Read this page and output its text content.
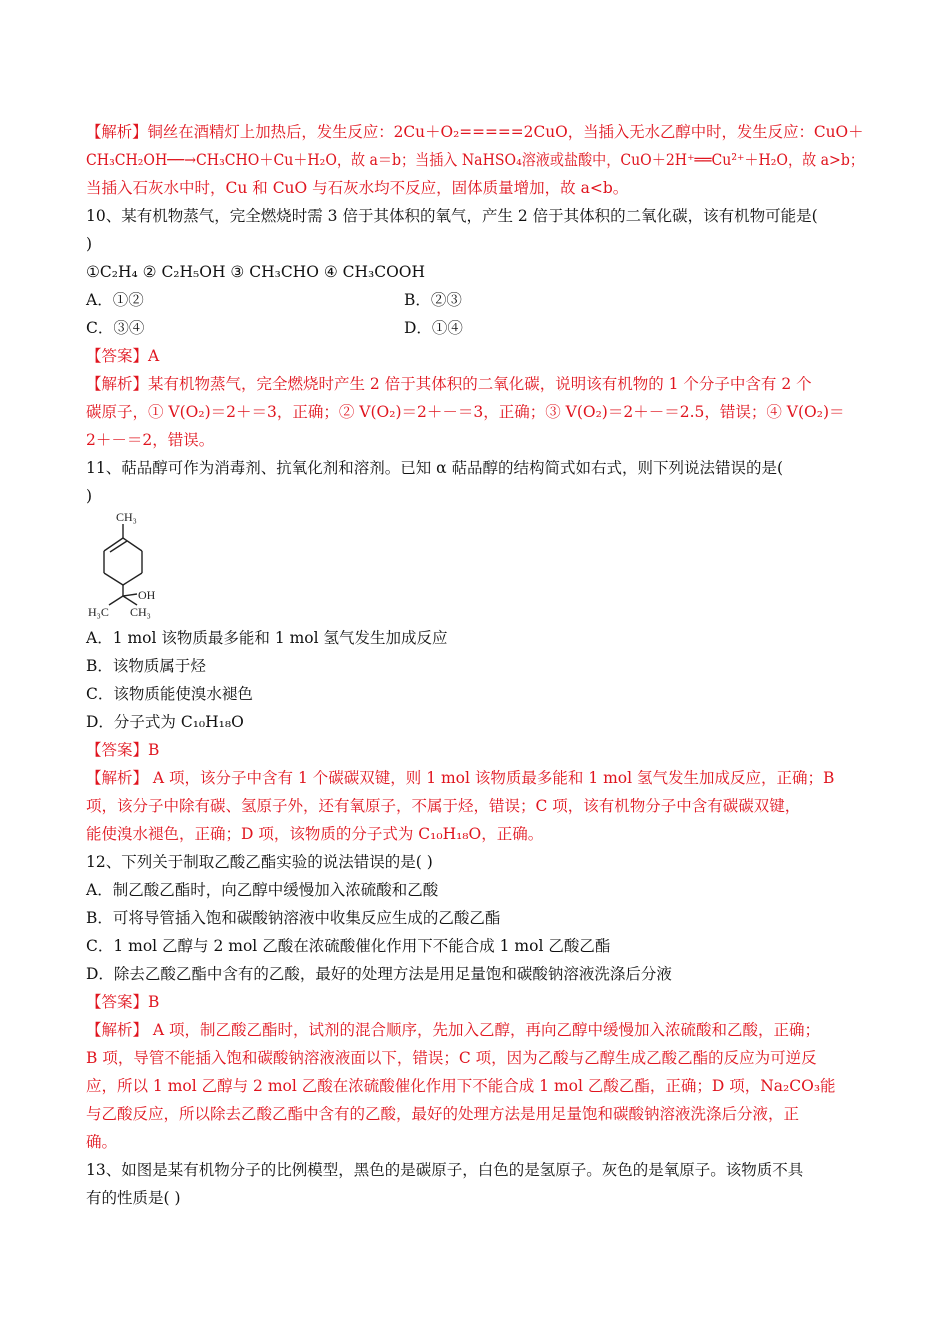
【解析】铜丝在酒精灯上加热后，发生反应：2Cu＋O₂=====2CuO，当插入无水乙醇中时，发生反应：CuO＋
CH₃CH₂OH──→CH₃CHO＋Cu＋H₂O，故 a＝b；当插入 NaHSO₄溶液或盐酸中，CuO＋2H⁺══Cu²⁺＋H₂O，故 a>b；
当插入石灰水中时，Cu 和 CuO 与石灰水均不反应，固体质量增加，故 a<b。
10、某有机物蒸气，完全燃烧时需 3 倍于其体积的氧气，产生 2 倍于其体积的二氧化碳，该有机物可能是(
)
①C₂H₄ ② C₂H₅OH ③ CH₃CHO ④ CH₃COOH
A．①②	B．②③
C．③④	D．①④
【答案】A
【解析】某有机物蒸气，完全燃烧时产生 2 倍于其体积的二氧化碳，说明该有机物的 1 个分子中含有 2 个
碳原子，① V(O₂)＝2＋＝3，正确；② V(O₂)＝2＋－＝3，正确；③ V(O₂)＝2＋－＝2.5，错误；④ V(O₂)＝
2＋－＝2，错误。
11、萜品醇可作为消毒剂、抗氧化剂和溶剂。已知 α 萜品醇的结构简式如右式，则下列说法错误的是(
)
CH₃
OH
H₃C CH₃
A．1 mol 该物质最多能和 1 mol 氢气发生加成反应
B．该物质属于烃
C．该物质能使溴水褪色
D．分子式为 C₁₀H₁₈O
【答案】B
【解析】 A 项，该分子中含有 1 个碳碳双键，则 1 mol 该物质最多能和 1 mol 氢气发生加成反应，正确；B
项，该分子中除有碳、氢原子外，还有氧原子，不属于烃，错误；C 项，该有机物分子中含有碳碳双键，
能使溴水褪色，正确；D 项，该物质的分子式为 C₁₀H₁₈O，正确。
12、下列关于制取乙酸乙酯实验的说法错误的是( )
A．制乙酸乙酯时，向乙醇中缓慢加入浓硫酸和乙酸
B．可将导管插入饱和碳酸钠溶液中收集反应生成的乙酸乙酯
C．1 mol 乙醇与 2 mol 乙酸在浓硫酸催化作用下不能合成 1 mol 乙酸乙酯
D．除去乙酸乙酯中含有的乙酸，最好的处理方法是用足量饱和碳酸钠溶液洗涤后分液
【答案】B
【解析】 A 项，制乙酸乙酯时，试剂的混合顺序，先加入乙醇，再向乙醇中缓慢加入浓硫酸和乙酸，正确；
B 项，导管不能插入饱和碳酸钠溶液液面以下，错误；C 项，因为乙酸与乙醇生成乙酸乙酯的反应为可逆反
应，所以 1 mol 乙醇与 2 mol 乙酸在浓硫酸催化作用下不能合成 1 mol 乙酸乙酯，正确；D 项，Na₂CO₃能
与乙酸反应，所以除去乙酸乙酯中含有的乙酸，最好的处理方法是用足量饱和碳酸钠溶液洗涤后分液，正
确。
13、如图是某有机物分子的比例模型，黑色的是碳原子，白色的是氢原子。灰色的是氧原子。该物质不具
有的性质是( )
